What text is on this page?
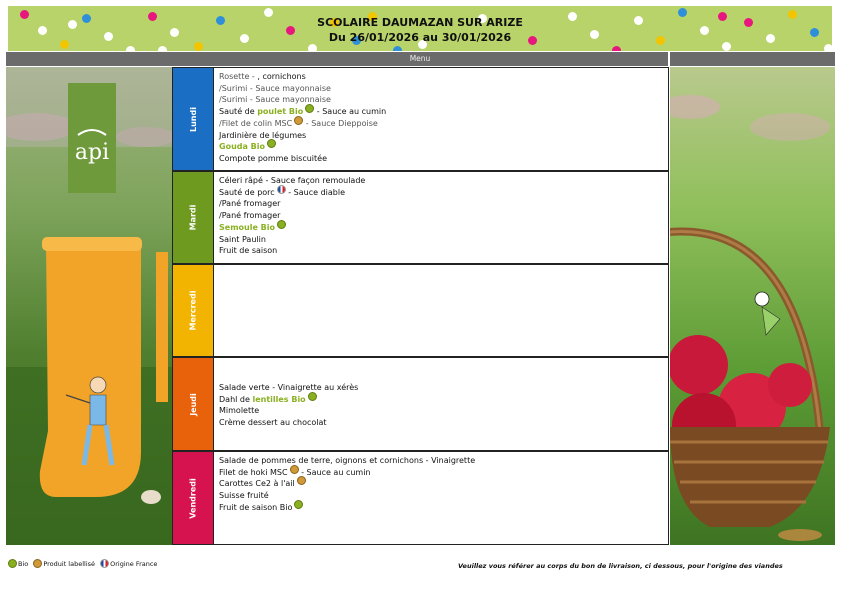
SCOLAIRE DAUMAZAN SUR ARIZE
Du 26/01/2026 au 30/01/2026
Menu
api
Lundi
Rosette - , cornichons
/Surimi - Sauce mayonnaise
/Surimi - Sauce mayonnaise
Sauté de poulet Bio - Sauce au cumin
/Filet de colin MSC - Sauce Dieppoise
Jardinière de légumes
Gouda Bio
Compote pomme biscuitée
Mardi
Céleri râpé - Sauce façon remoulade
Sauté de porc - Sauce diable
/Pané fromager
/Pané fromager
Semoule Bio
Saint Paulin
Fruit de saison
Mercredi
Jeudi
Salade verte - Vinaigrette au xérès
Dahl de lentilles Bio
Mimolette
Crème dessert au chocolat
Vendredi
Salade de pommes de terre, oignons et cornichons - Vinaigrette
Filet de hoki MSC - Sauce au cumin
Carottes Ce2 à l'ail
Suisse fruité
Fruit de saison Bio
Bio Produit labellisé Origine France	Veuillez vous référer au corps du bon de livraison, ci dessous, pour l'origine des viandes
